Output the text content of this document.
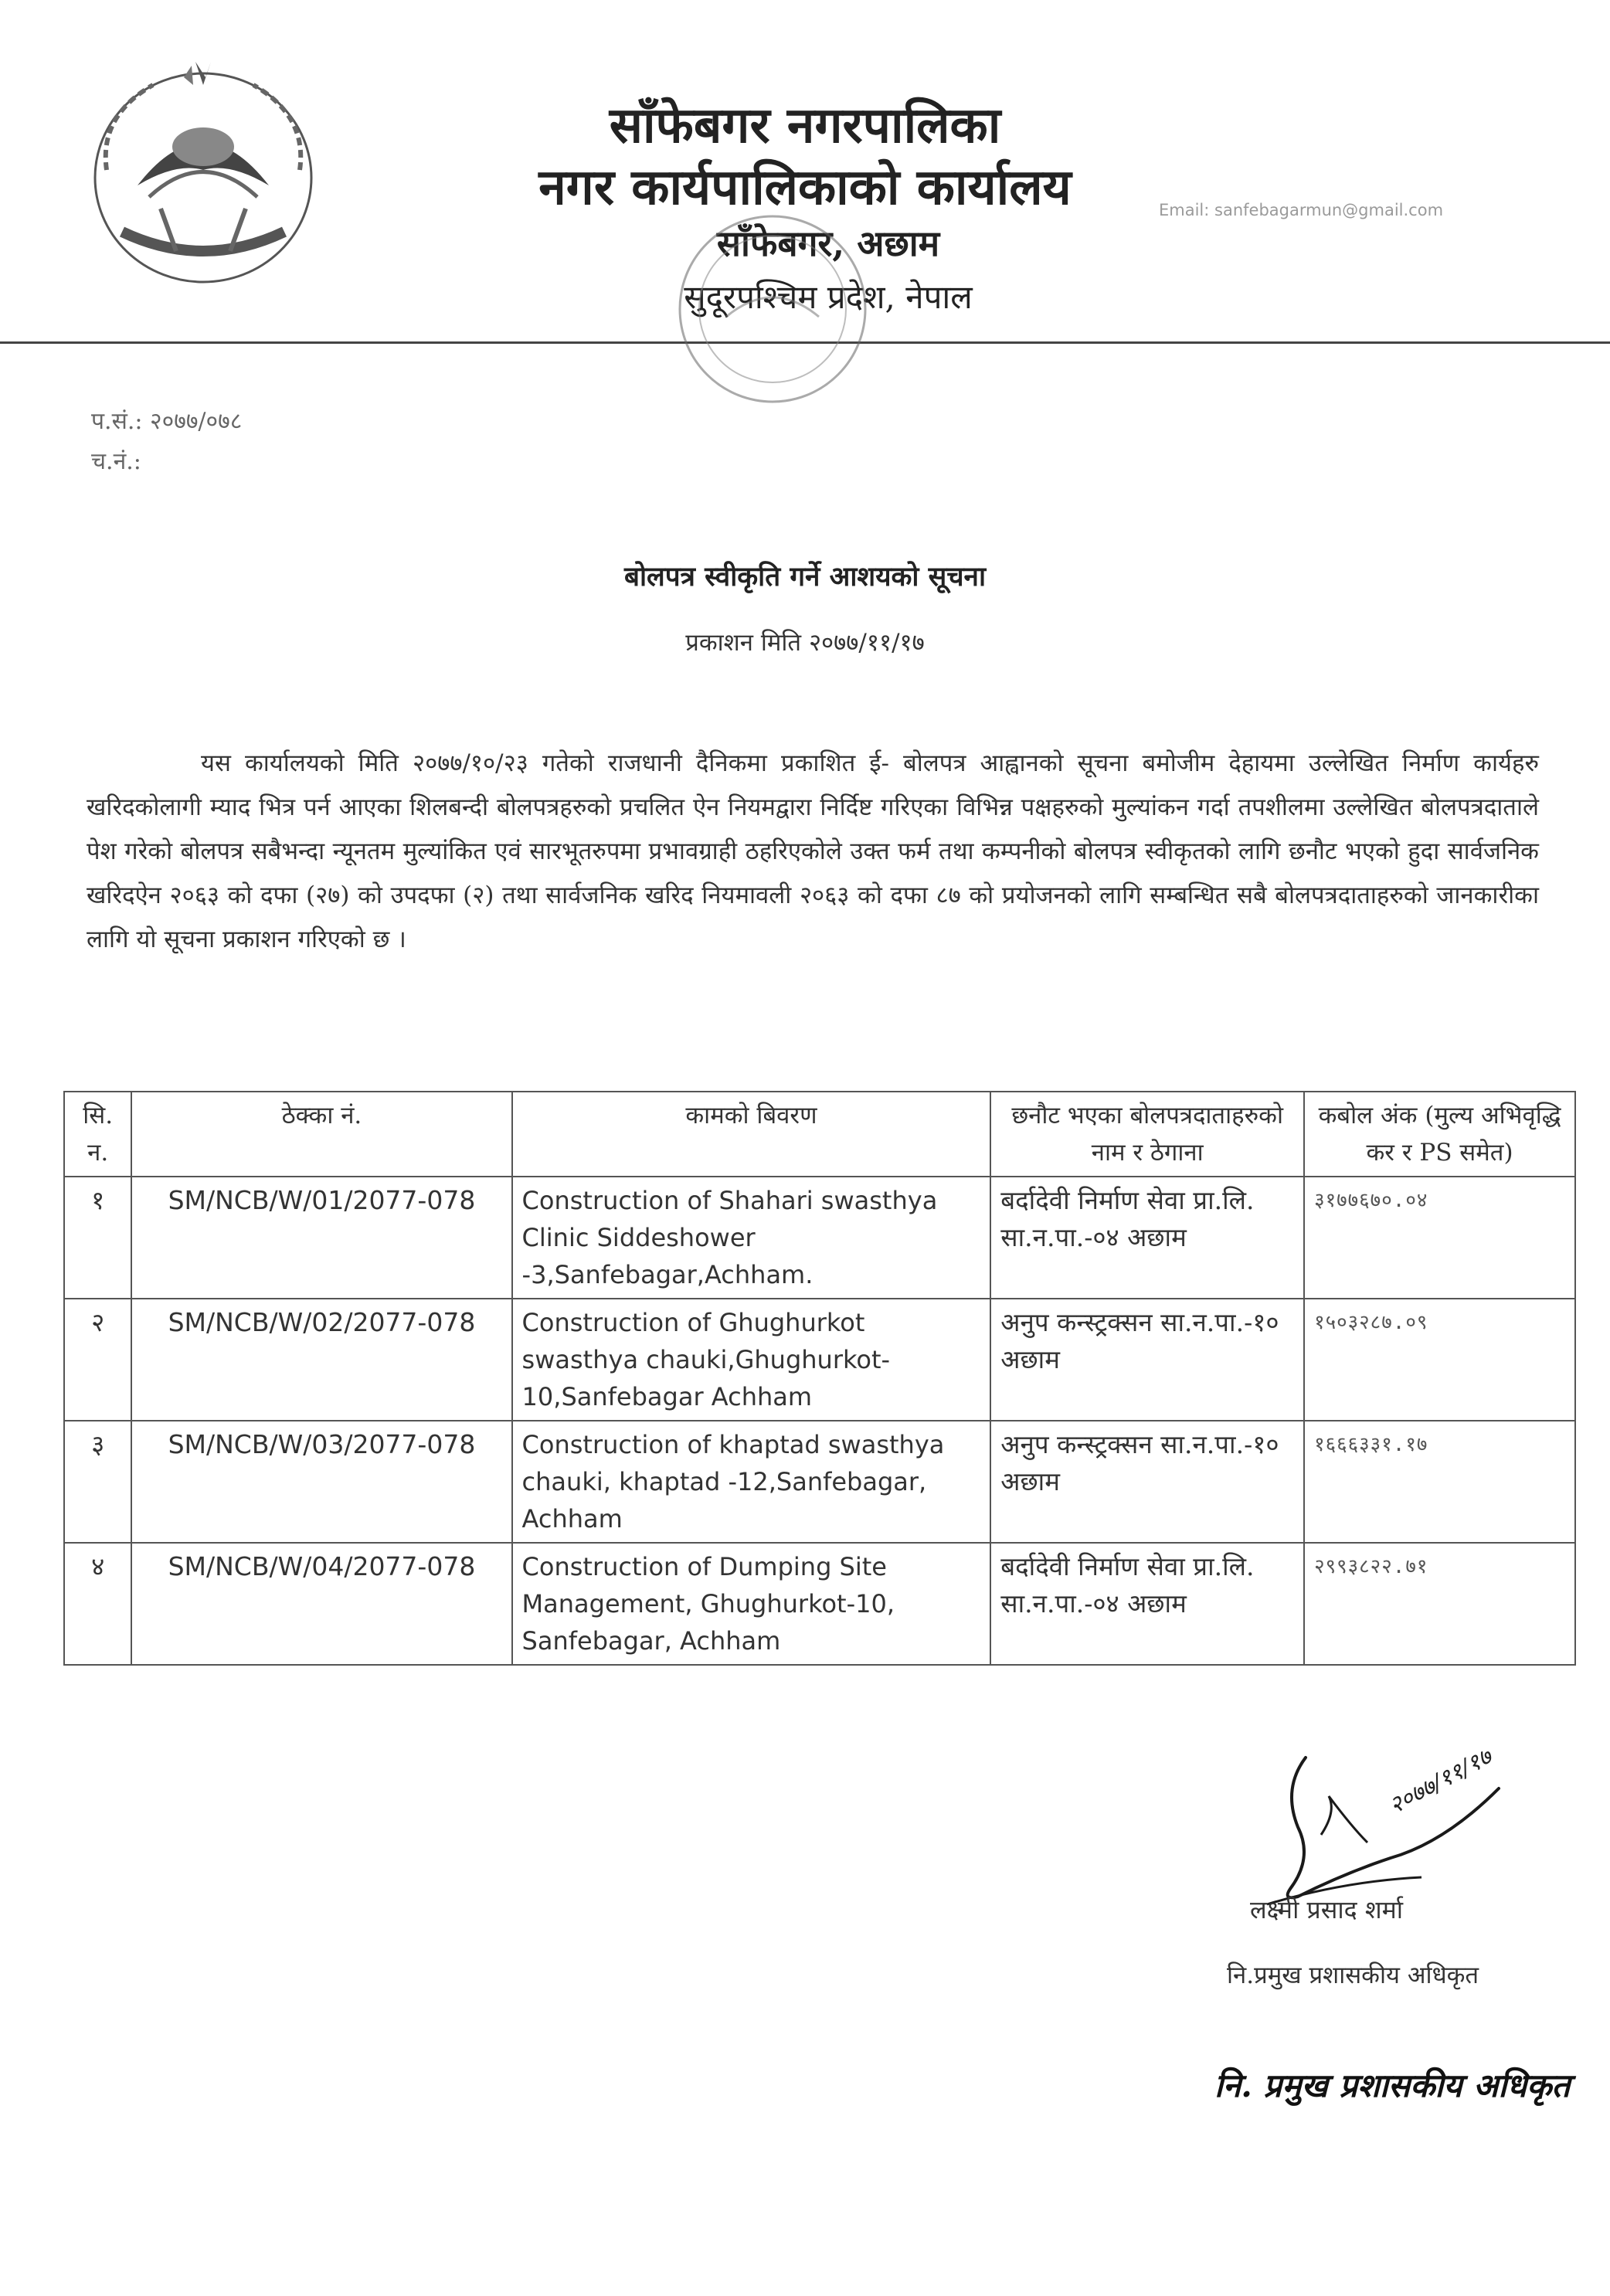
साँफेबगर नगरपालिका
नगर कार्यपालिकाको कार्यालय
साँफेबगर, अछाम
सुदूरपश्चिम प्रदेश, नेपाल
Email: sanfebagarmun@gmail.com
प.सं.: २०७७/०७८
च.नं.:
बोलपत्र स्वीकृति गर्ने आशयको सूचना
प्रकाशन मिति २०७७/११/१७
यस कार्यालयको मिति २०७७/१०/२३ गतेको राजधानी दैनिकमा प्रकाशित ई- बोलपत्र आह्वानको सूचना बमोजीम देहायमा उल्लेखित निर्माण कार्यहरु खरिदकोलागी म्याद भित्र पर्न आएका शिलबन्दी बोलपत्रहरुको प्रचलित ऐन नियमद्वारा निर्दिष्ट गरिएका विभिन्न पक्षहरुको मुल्यांकन गर्दा तपशीलमा उल्लेखित बोलपत्रदाताले पेश गरेको बोलपत्र सबैभन्दा न्यूनतम मुल्यांकित एवं सारभूतरुपमा प्रभावग्राही ठहरिएकोले उक्त फर्म तथा कम्पनीको बोलपत्र स्वीकृतको लागि छनौट भएको हुदा सार्वजनिक खरिदऐन २०६३ को दफा (२७) को उपदफा (२) तथा सार्वजनिक खरिद नियमावली २०६३ को दफा ८७ को प्रयोजनको लागि सम्बन्धित सबै बोलपत्रदाताहरुको जानकारीका लागि यो सूचना प्रकाशन गरिएको छ ।
सि. न.	ठेक्का नं.	कामको बिवरण	छनौट भएका बोलपत्रदाताहरुको नाम र ठेगाना	कबोल अंक (मुल्य अभिवृद्धि कर र PS समेत)
१	SM/NCB/W/01/2077-078	Construction of Shahari swasthya Clinic Siddeshower -3,Sanfebagar,Achham.	बर्दादेवी निर्माण सेवा प्रा.लि. सा.न.पा.-०४ अछाम	३१७७६७०.०४
२	SM/NCB/W/02/2077-078	Construction of Ghughurkot swasthya chauki,Ghughurkot-10,Sanfebagar Achham	अनुप कन्स्ट्रक्सन सा.न.पा.-१० अछाम	१५०३२८७.०९
३	SM/NCB/W/03/2077-078	Construction of khaptad swasthya chauki, khaptad -12,Sanfebagar, Achham	अनुप कन्स्ट्रक्सन सा.न.पा.-१० अछाम	१६६६३३१.१७
४	SM/NCB/W/04/2077-078	Construction of Dumping Site Management, Ghughurkot-10, Sanfebagar, Achham	बर्दादेवी निर्माण सेवा प्रा.लि. सा.न.पा.-०४ अछाम	२९९३८२२.७१
२०७७/११/१७
लक्ष्मी प्रसाद शर्मा
नि.प्रमुख प्रशासकीय अधिकृत
नि. प्रमुख प्रशासकीय अधिकृत
